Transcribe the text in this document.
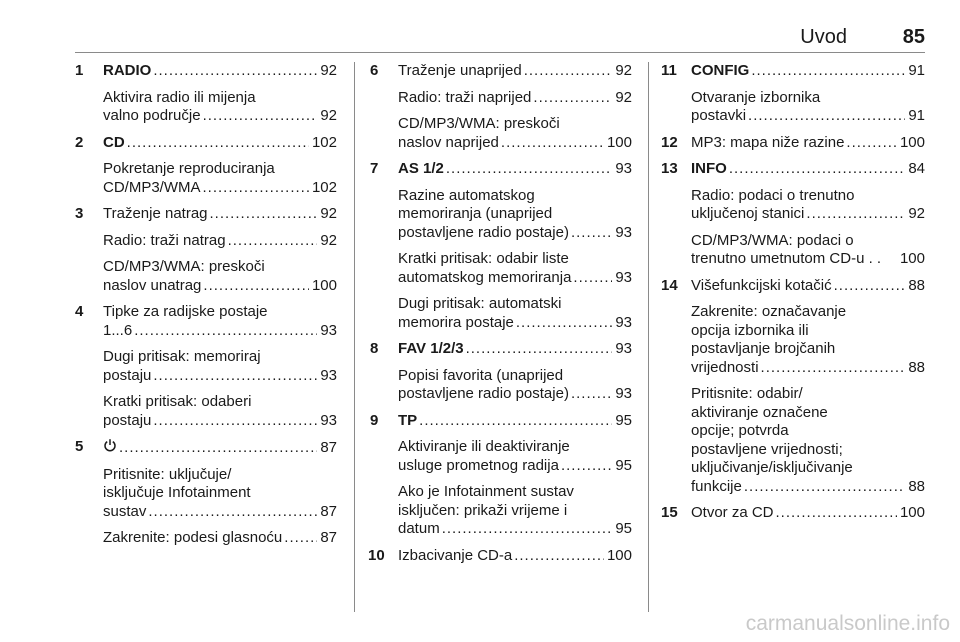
Uvod	85
1 RADIO .....	92
Aktivira radio ili mijenja
valno područje .....	92
2 CD .....	102
Pokretanje reproduciranja
CD/MP3/WMA .....	102
3 Traženje natrag .....	92
Radio: traži natrag .....	92
CD/MP3/WMA: preskoči
naslov unatrag .....	100
4 Tipke za radijske postaje
1...6 .....	93
Dugi pritisak: memoriraj
postaju .....	93
Kratki pritisak: odaberi
postaju .....	93
5 .....	87
Pritisnite: uključuje/
isključuje Infotainment
sustav .....	87
Zakrenite: podesi glasnoću .....	87
6 Traženje unaprijed .....	92
Radio: traži naprijed .....	92
CD/MP3/WMA: preskoči
naslov naprijed .....	100
7 AS 1/2 .....	93
Razine automatskog
memoriranja (unaprijed
postavljene radio postaje) .....	93
Kratki pritisak: odabir liste
automatskog memoriranja .....	93
Dugi pritisak: automatski
memorira postaje .....	93
8 FAV 1/2/3 .....	93
Popisi favorita (unaprijed
postavljene radio postaje) .....	93
9 TP .....	95
Aktiviranje ili deaktiviranje
usluge prometnog radija .....	95
Ako je Infotainment sustav
isključen: prikaži vrijeme i
datum .....	95
10 Izbacivanje CD-a .....	100
11 CONFIG .....	91
Otvaranje izbornika
postavki .....	91
12 MP3: mapa niže razine .....	100
13 INFO .....	84
Radio: podaci o trenutno
uključenoj stanici .....	92
CD/MP3/WMA: podaci o
trenutno umetnutom CD-u . . 100
14 Višefunkcijski kotačić .....	88
Zakrenite: označavanje
opcija izbornika ili
postavljanje brojčanih
vrijednosti .....	88
Pritisnite: odabir/
aktiviranje označene
opcije; potvrda
postavljene vrijednosti;
uključivanje/isključivanje
funkcije .....	88
15 Otvor za CD .....	100
carmanualsonline.info
